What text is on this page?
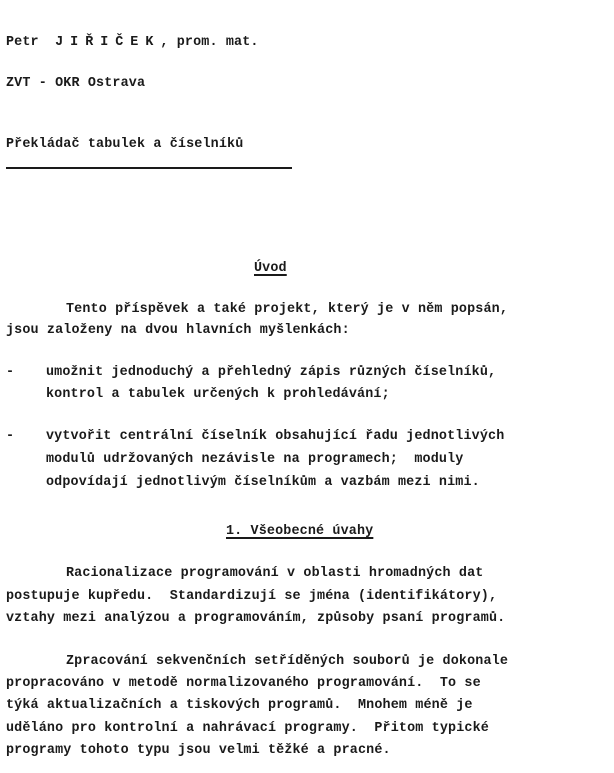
Petr JIŘIČEK, prom. mat.
ZVT - OKR Ostrava
Překládač tabulek a číselníků
Úvod
Tento příspěvek a také projekt, který je v něm popsán,
jsou založeny na dvou hlavních myšlenkách:
- umožnit jednoduchý a přehledný zápis různých číselníků,
kontrol a tabulek určených k prohledávání;
- vytvořit centrální číselník obsahující řadu jednotlivých
modulů udržovaných nezávisle na programech;  moduly
odpovídají jednotlivým číselníkům a vazbám mezi nimi.
1. Všeobecné úvahy
Racionalizace programování v oblasti hromadných dat
postupuje kupředu.  Standardizují se jména (identifikátory),
vztahy mezi analýzou a programováním, způsoby psaní programů.
Zpracování sekvenčních setříděných souborů je dokonale
propracováno v metodě normalizovaného programování.  To se
týká aktualizačních a tiskových programů.  Mnohem méně je
uděláno pro kontrolní a nahrávací programy.  Přitom typické
programy tohoto typu jsou velmi těžké a pracné.
